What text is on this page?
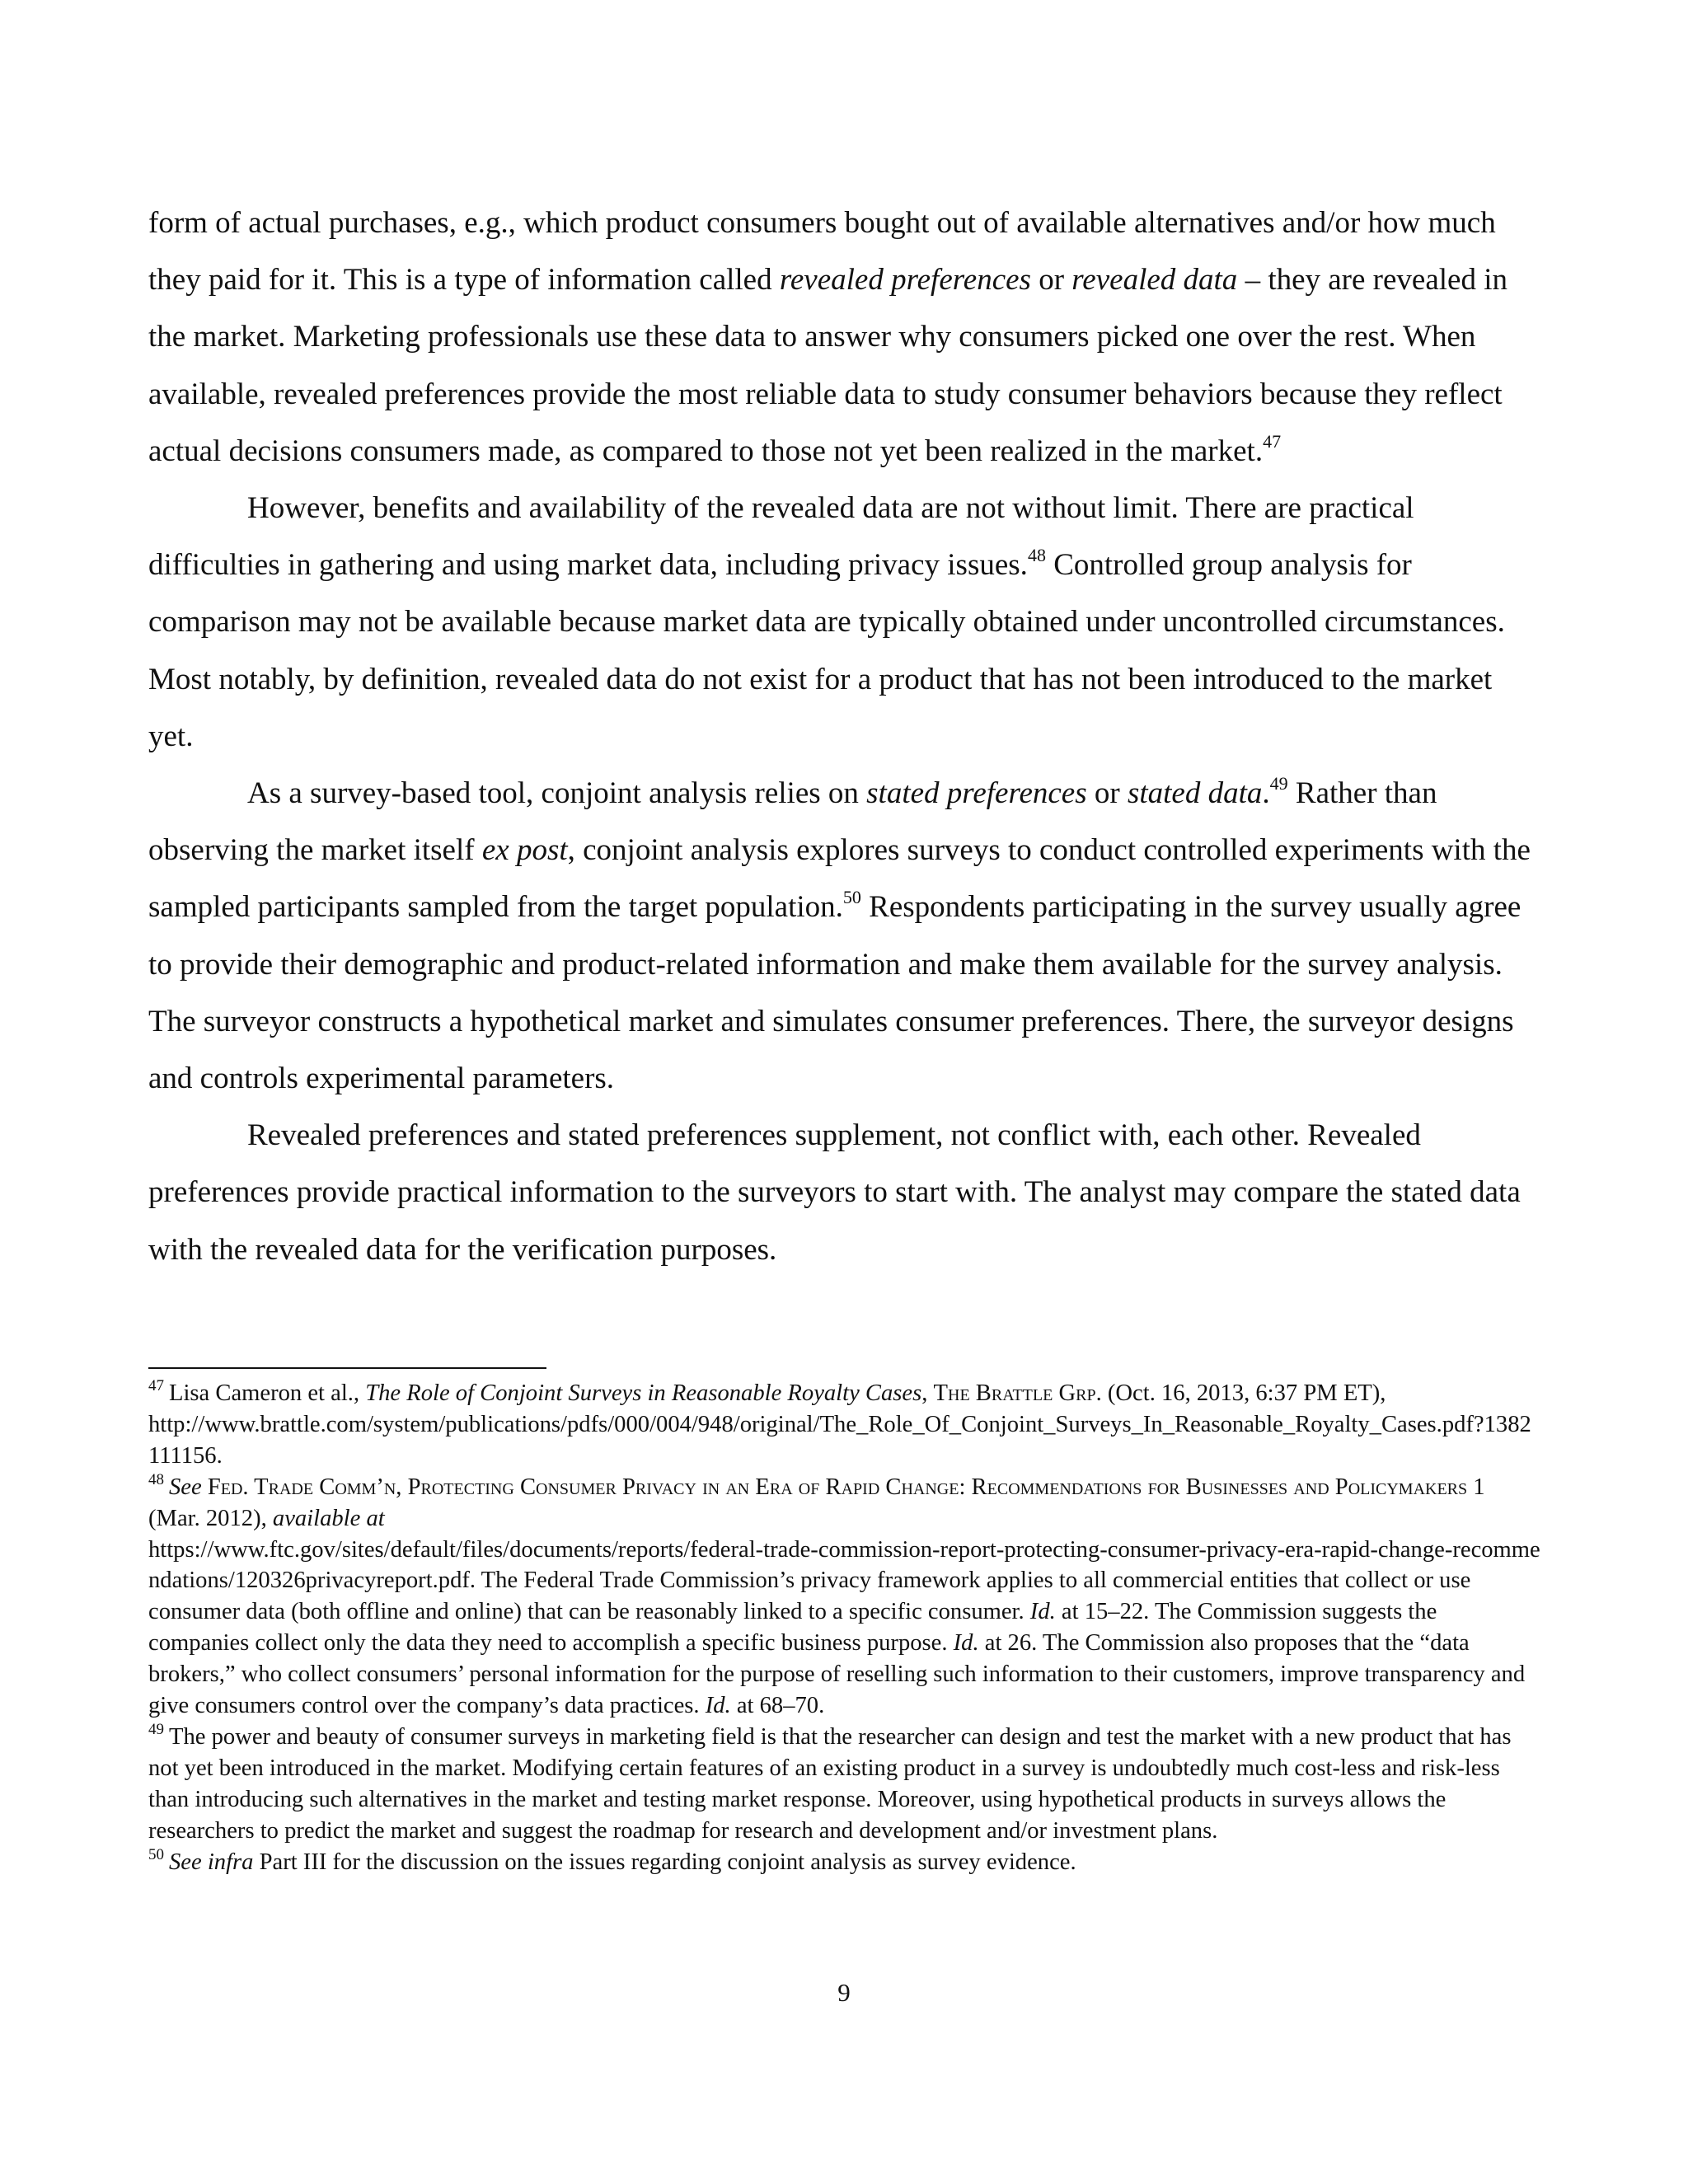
form of actual purchases, e.g., which product consumers bought out of available alternatives and/or how much they paid for it. This is a type of information called revealed preferences or revealed data – they are revealed in the market. Marketing professionals use these data to answer why consumers picked one over the rest. When available, revealed preferences provide the most reliable data to study consumer behaviors because they reflect actual decisions consumers made, as compared to those not yet been realized in the market.$^{47}$

However, benefits and availability of the revealed data are not without limit. There are practical difficulties in gathering and using market data, including privacy issues.$^{48}$ Controlled group analysis for comparison may not be available because market data are typically obtained under uncontrolled circumstances. Most notably, by definition, revealed data do not exist for a product that has not been introduced to the market yet.

As a survey-based tool, conjoint analysis relies on stated preferences or stated data.$^{49}$ Rather than observing the market itself ex post, conjoint analysis explores surveys to conduct controlled experiments with the sampled participants sampled from the target population.$^{50}$ Respondents participating in the survey usually agree to provide their demographic and product-related information and make them available for the survey analysis. The surveyor constructs a hypothetical market and simulates consumer preferences. There, the surveyor designs and controls experimental parameters.

Revealed preferences and stated preferences supplement, not conflict with, each other. Revealed preferences provide practical information to the surveyors to start with. The analyst may compare the stated data with the revealed data for the verification purposes.

$^{47}$ Lisa Cameron et al., The Role of Conjoint Surveys in Reasonable Royalty Cases, The Brattle Grp. (Oct. 16, 2013, 6:37 PM ET),
http://www.brattle.com/system/publications/pdfs/000/004/948/original/The_Role_Of_Conjoint_Surveys_In_Reasonable_Royalty_Cases.pdf?1382111156.

$^{48}$ See Fed. Trade Comm’n, Protecting Consumer Privacy in an Era of Rapid Change: Recommendations for Businesses and Policymakers 1 (Mar. 2012), available at
https://www.ftc.gov/sites/default/files/documents/reports/federal-trade-commission-report-protecting-consumer-privacy-era-rapid-change-recommendations/120326privacyreport.pdf. The Federal Trade Commission’s privacy framework applies to all commercial entities that collect or use consumer data (both offline and online) that can be reasonably linked to a specific consumer. Id. at 15–22. The Commission suggests the companies collect only the data they need to accomplish a specific business purpose. Id. at 26. The Commission also proposes that the “data brokers,” who collect consumers’ personal information for the purpose of reselling such information to their customers, improve transparency and give consumers control over the company’s data practices. Id. at 68–70.

$^{49}$ The power and beauty of consumer surveys in marketing field is that the researcher can design and test the market with a new product that has not yet been introduced in the market. Modifying certain features of an existing product in a survey is undoubtedly much cost-less and risk-less than introducing such alternatives in the market and testing market response. Moreover, using hypothetical products in surveys allows the researchers to predict the market and suggest the roadmap for research and development and/or investment plans.

$^{50}$ See infra Part III for the discussion on the issues regarding conjoint analysis as survey evidence.

9
